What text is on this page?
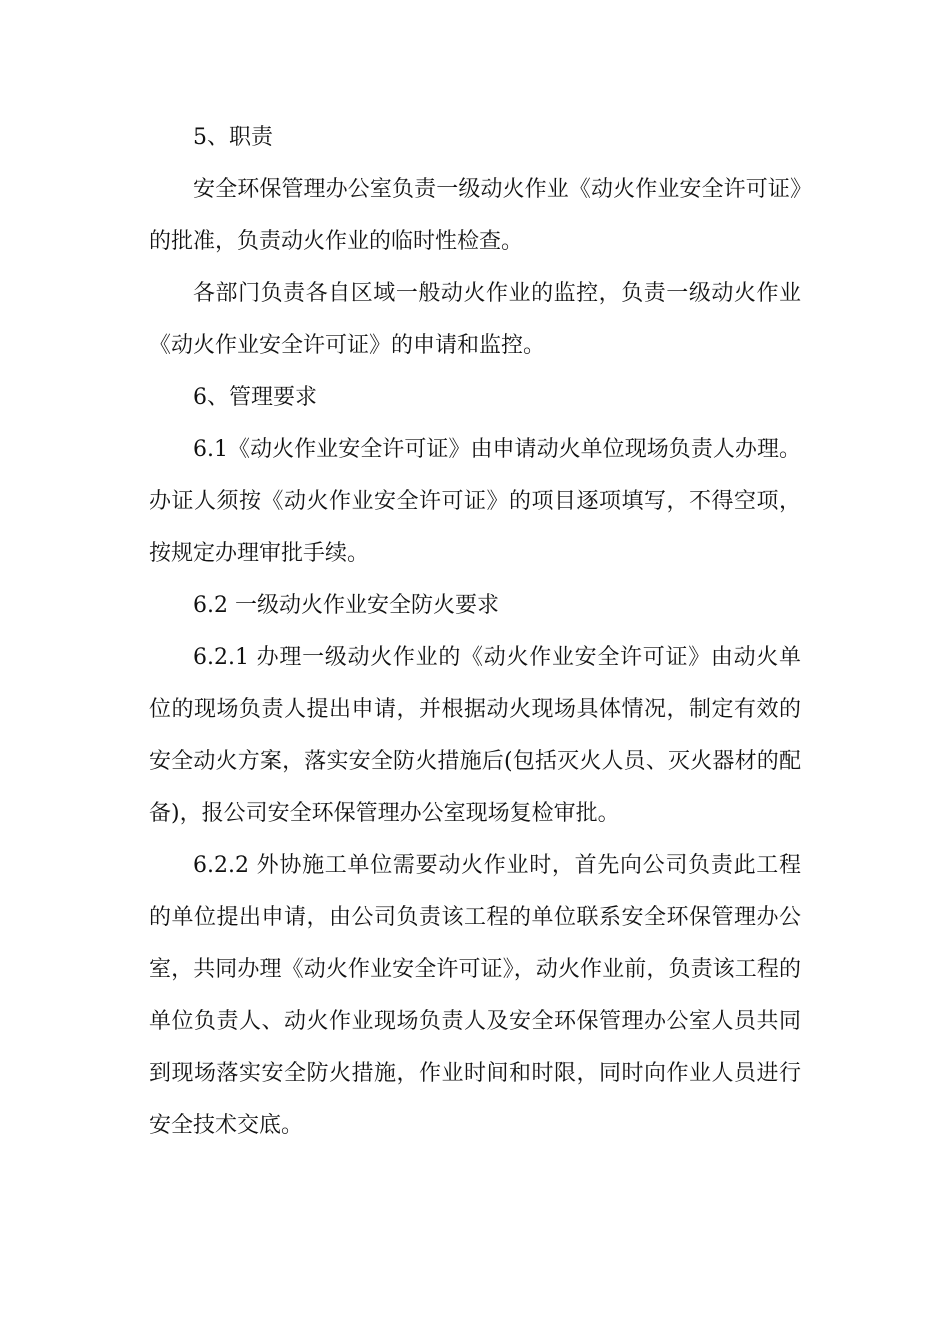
5、职责

安全环保管理办公室负责一级动火作业《动火作业安全许可证》的批准，负责动火作业的临时性检查。

各部门负责各自区域一般动火作业的监控，负责一级动火作业《动火作业安全许可证》的申请和监控。

6、管理要求

6.1《动火作业安全许可证》由申请动火单位现场负责人办理。办证人须按《动火作业安全许可证》的项目逐项填写，不得空项，按规定办理审批手续。

6.2 一级动火作业安全防火要求

6.2.1 办理一级动火作业的《动火作业安全许可证》由动火单位的现场负责人提出申请，并根据动火现场具体情况，制定有效的安全动火方案，落实安全防火措施后(包括灭火人员、灭火器材的配备)，报公司安全环保管理办公室现场复检审批。

6.2.2 外协施工单位需要动火作业时，首先向公司负责此工程的单位提出申请，由公司负责该工程的单位联系安全环保管理办公室，共同办理《动火作业安全许可证》，动火作业前，负责该工程的单位负责人、动火作业现场负责人及安全环保管理办公室人员共同到现场落实安全防火措施，作业时间和时限，同时向作业人员进行安全技术交底。
